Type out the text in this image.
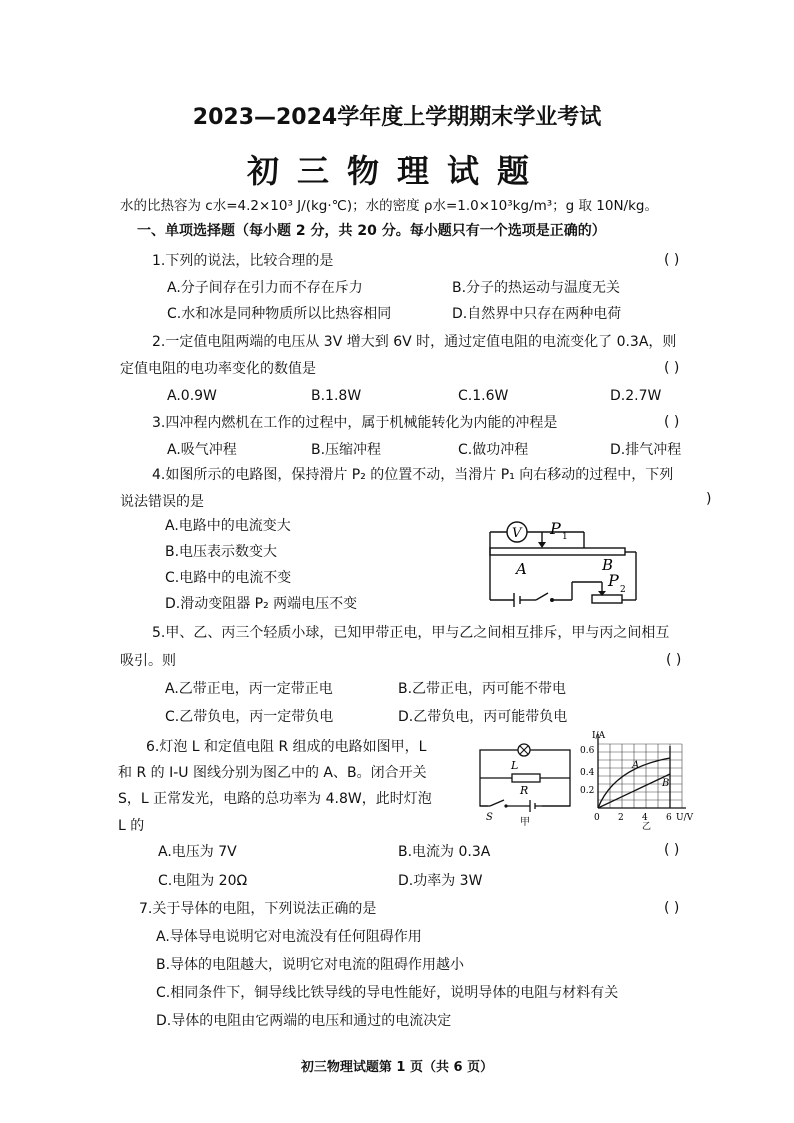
2023—2024学年度上学期期末学业考试
初三物理试题
水的比热容为 c水=4.2×10³ J/(kg·℃)；水的密度 ρ水=1.0×10³kg/m³；g 取 10N/kg。
一、单项选择题（每小题 2 分，共 20 分。每小题只有一个选项是正确的）
1.下列的说法，比较合理的是	( )
A.分子间存在引力而不存在斥力	B.分子的热运动与温度无关
C.水和冰是同种物质所以比热容相同	D.自然界中只存在两种电荷
2.一定值电阻两端的电压从 3V 增大到 6V 时，通过定值电阻的电流变化了 0.3A，则
定值电阻的电功率变化的数值是	( )
A.0.9W	B.1.8W	C.1.6W	D.2.7W
3.四冲程内燃机在工作的过程中，属于机械能转化为内能的冲程是	( )
A.吸气冲程	B.压缩冲程	C.做功冲程	D.排气冲程
4.如图所示的电路图，保持滑片 P₂ 的位置不动，当滑片 P₁ 向右移动的过程中，下列
说法错误的是	)
A.电路中的电流变大
B.电压表示数变大
C.电路中的电流不变
D.滑动变阻器 P₂ 两端电压不变
V P 1
A	B
P 2
5.甲、乙、丙三个轻质小球，已知甲带正电，甲与乙之间相互排斥，甲与丙之间相互
吸引。则	( )
A.乙带正电，丙一定带正电	B.乙带正电，丙可能不带电
C.乙带负电，丙一定带负电	D.乙带负电，丙可能带负电
6.灯泡 L 和定值电阻 R 组成的电路如图甲，L
和 R 的 I-U 图线分别为图乙中的 A、B。闭合开关
S，L 正常发光，电路的总功率为 4.8W，此时灯泡
L 的
( )
A.电压为 7V	B.电流为 0.3A
C.电阻为 20Ω	D.功率为 3W
L
R
S	甲
I/A
U/V
0.6
0.4
0.2
0 2 4 6
A
B
乙
7.关于导体的电阻，下列说法正确的是	( )
A.导体导电说明它对电流没有任何阻碍作用
B.导体的电阻越大，说明它对电流的阻碍作用越小
C.相同条件下，铜导线比铁导线的导电性能好，说明导体的电阻与材料有关
D.导体的电阻由它两端的电压和通过的电流决定
初三物理试题第 1 页（共 6 页）
